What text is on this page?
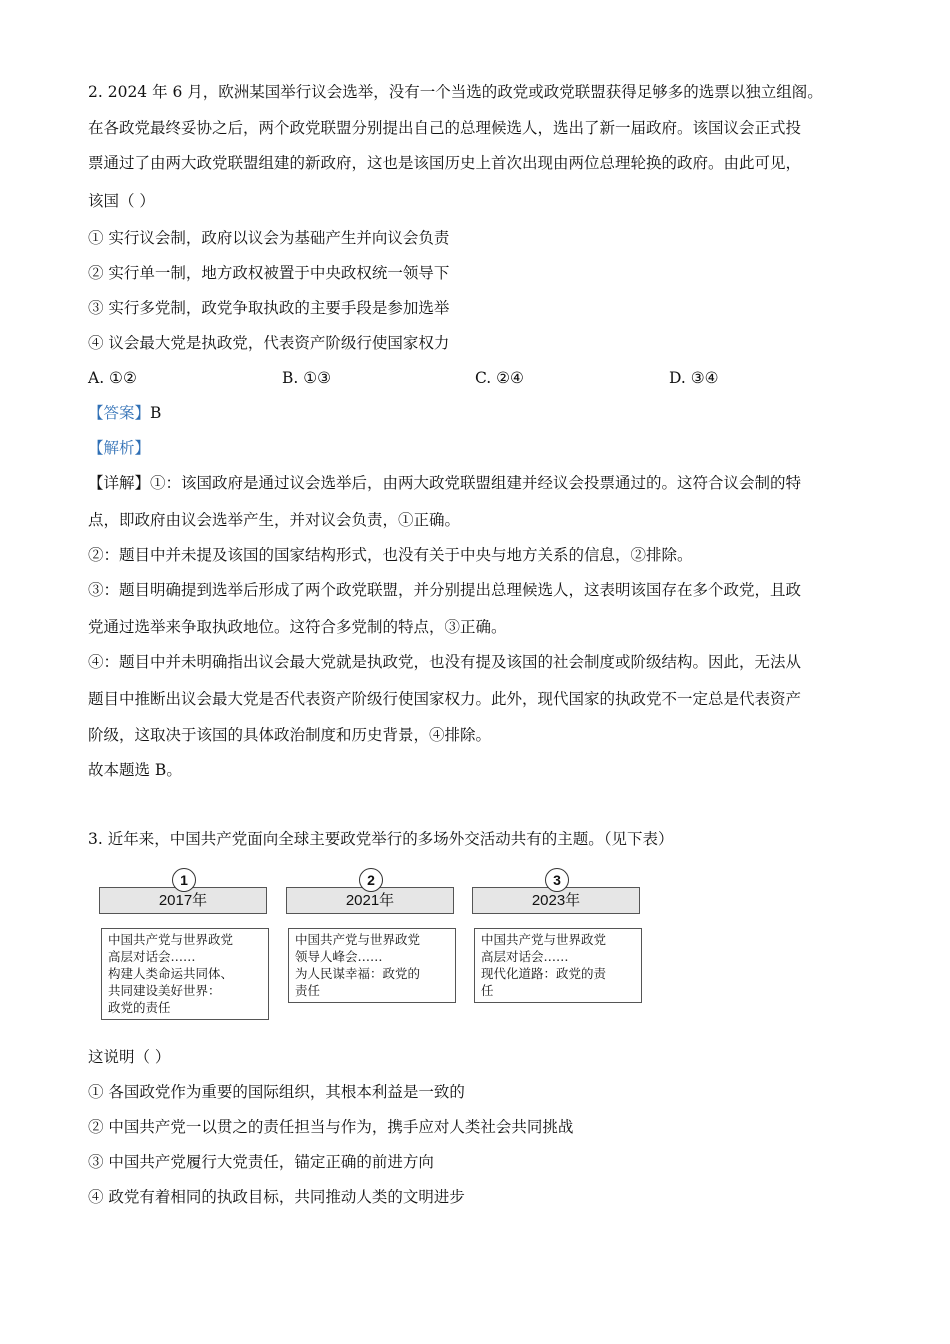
2. 2024 年 6 月，欧洲某国举行议会选举，没有一个当选的政党或政党联盟获得足够多的选票以独立组阁。
在各政党最终妥协之后，两个政党联盟分别提出自己的总理候选人，选出了新一届政府。该国议会正式投
票通过了由两大政党联盟组建的新政府，这也是该国历史上首次出现由两位总理轮换的政府。由此可见，
该国（ ）
① 实行议会制，政府以议会为基础产生并向议会负责
② 实行单一制，地方政权被置于中央政权统一领导下
③ 实行多党制，政党争取执政的主要手段是参加选举
④ 议会最大党是执政党，代表资产阶级行使国家权力
A. ①②	B. ①③	C. ②④	D. ③④
【答案】B
【解析】
【详解】①：该国政府是通过议会选举后，由两大政党联盟组建并经议会投票通过的。这符合议会制的特
点，即政府由议会选举产生，并对议会负责，①正确。
②：题目中并未提及该国的国家结构形式，也没有关于中央与地方关系的信息，②排除。
③：题目明确提到选举后形成了两个政党联盟，并分别提出总理候选人，这表明该国存在多个政党，且政
党通过选举来争取执政地位。这符合多党制的特点，③正确。
④：题目中并未明确指出议会最大党就是执政党，也没有提及该国的社会制度或阶级结构。因此，无法从
题目中推断出议会最大党是否代表资产阶级行使国家权力。此外，现代国家的执政党不一定总是代表资产
阶级，这取决于该国的具体政治制度和历史背景，④排除。
故本题选 B。
3. 近年来，中国共产党面向全球主要政党举行的多场外交活动共有的主题。（见下表）
1
2017年
中国共产党与世界政党
高层对话会……
构建人类命运共同体、
共同建设美好世界：
政党的责任
2
2021年
中国共产党与世界政党
领导人峰会……
为人民谋幸福：政党的
责任
3
2023年
中国共产党与世界政党
高层对话会……
现代化道路：政党的责
任
这说明（ ）
① 各国政党作为重要的国际组织，其根本利益是一致的
② 中国共产党一以贯之的责任担当与作为，携手应对人类社会共同挑战
③ 中国共产党履行大党责任，锚定正确的前进方向
④ 政党有着相同的执政目标，共同推动人类的文明进步
